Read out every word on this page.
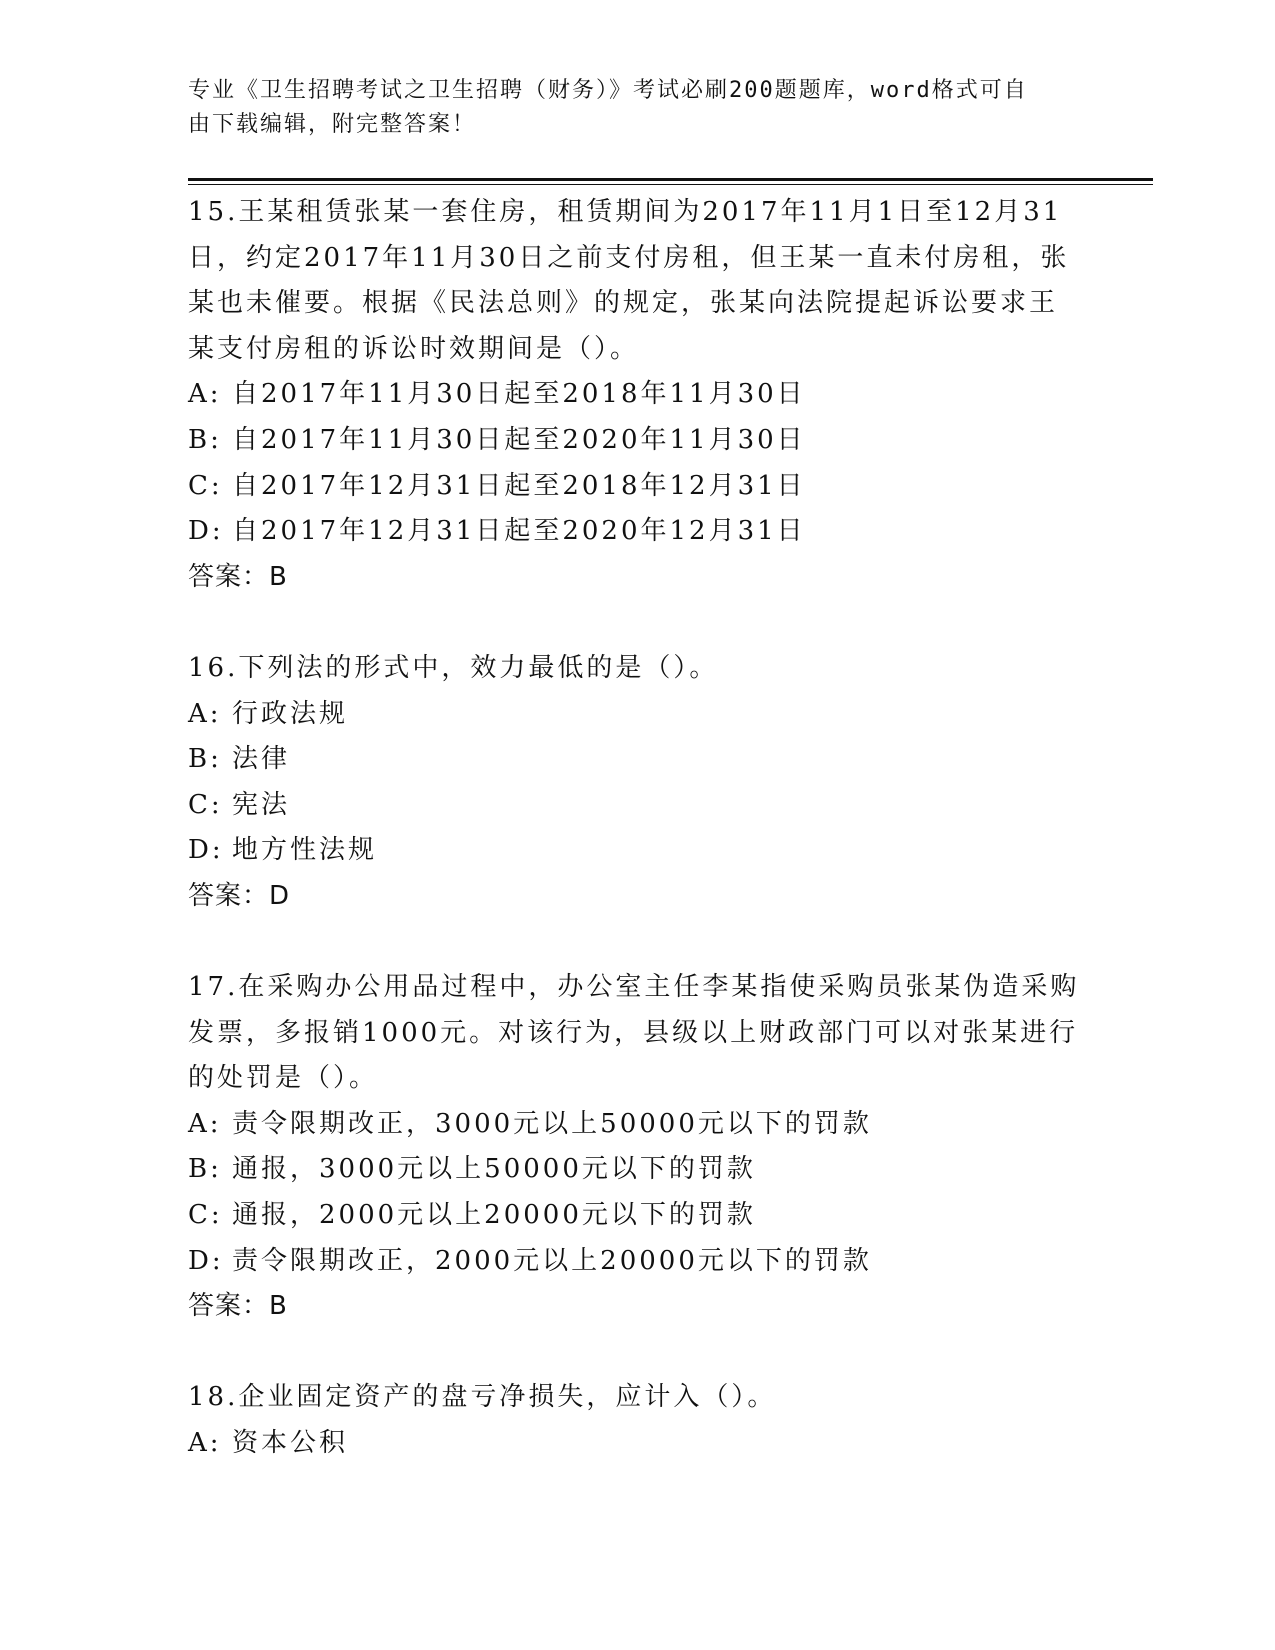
专业《卫生招聘考试之卫生招聘（财务）》考试必刷200题题库，word格式可自
由下载编辑，附完整答案！
15.王某租赁张某一套住房，租赁期间为2017年11月1日至12月31
日，约定2017年11月30日之前支付房租，但王某一直未付房租，张
某也未催要。根据《民法总则》的规定，张某向法院提起诉讼要求王
某支付房租的诉讼时效期间是（）。
A: 自2017年11月30日起至2018年11月30日
B: 自2017年11月30日起至2020年11月30日
C: 自2017年12月31日起至2018年12月31日
D: 自2017年12月31日起至2020年12月31日
答案：B
16.下列法的形式中，效力最低的是（）。
A: 行政法规
B: 法律
C: 宪法
D: 地方性法规
答案：D
17.在采购办公用品过程中，办公室主任李某指使采购员张某伪造采购
发票，多报销1000元。对该行为，县级以上财政部门可以对张某进行
的处罚是（）。
A: 责令限期改正，3000元以上50000元以下的罚款
B: 通报，3000元以上50000元以下的罚款
C: 通报，2000元以上20000元以下的罚款
D: 责令限期改正，2000元以上20000元以下的罚款
答案：B
18.企业固定资产的盘亏净损失，应计入（）。
A: 资本公积
